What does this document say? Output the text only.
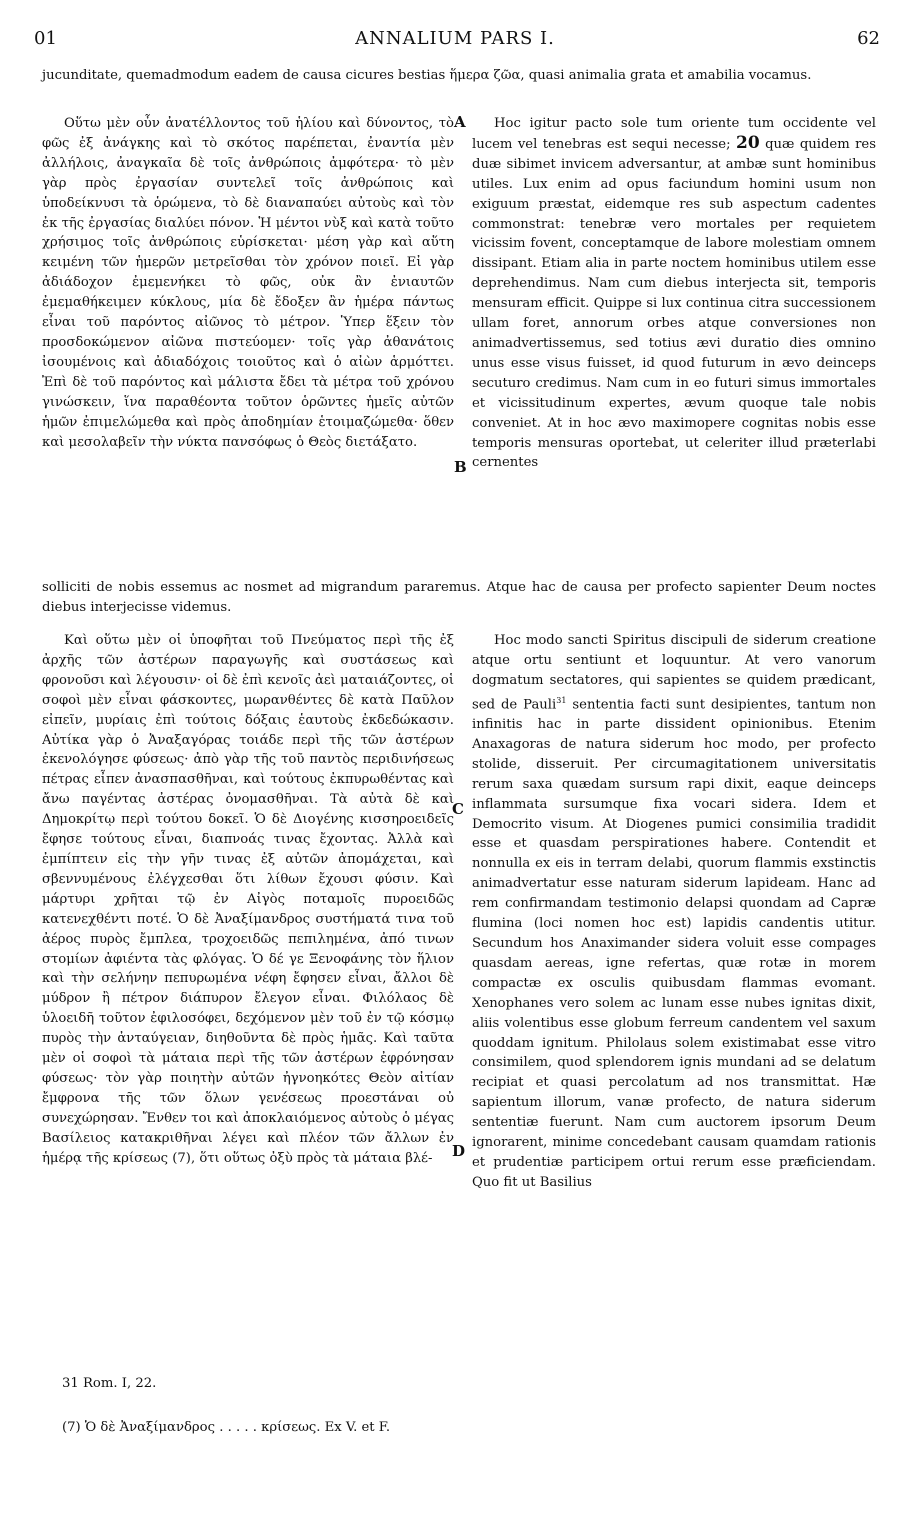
01	ANNALIUM PARS I.	62

jucunditate, quemadmodum eadem de causa cicures bestias ἥμερα ζῶα, quasi animalia grata et amabilia vocamus.

A
B
C
D

Οὕτω μὲν οὖν ἀνατέλλοντος τοῦ ἡλίου καὶ δύνοντος, τὸ φῶς ἐξ ἀνάγκης καὶ τὸ σκότος παρέπεται, ἐναντία μὲν ἀλλήλοις, ἀναγκαῖα δὲ τοῖς ἀνθρώποις ἀμφότερα· τὸ μὲν γὰρ πρὸς ἐργασίαν συντελεῖ τοῖς ἀνθρώποις καὶ ὑποδείκνυσι τὰ ὁρώμενα, τὸ δὲ διαναπαύει αὐτοὺς καὶ τὸν ἐκ τῆς ἐργασίας διαλύει πόνον. Ἡ μέντοι νὺξ καὶ κατὰ τοῦτο χρήσιμος τοῖς ἀνθρώποις εὑρίσκεται· μέση γὰρ καὶ αὕτη κειμένη τῶν ἡμερῶν μετρεῖσθαι τὸν χρόνον ποιεῖ. Εἰ γὰρ ἀδιάδοχον ἐμεμενήκει τὸ φῶς, οὐκ ἂν ἐνιαυτῶν ἐμεμαθήκειμεν κύκλους, μία δὲ ἔδοξεν ἂν ἡμέρα πάντως εἶναι τοῦ παρόντος αἰῶνος τὸ μέτρον. Ὑπερ ἕξειν τὸν προσδοκώμενον αἰῶνα πιστεύομεν· τοῖς γὰρ ἀθανάτοις ἰσουμένοις καὶ ἀδιαδόχοις τοιοῦτος καὶ ὁ αἰὼν ἁρμόττει. Ἐπὶ δὲ τοῦ παρόντος καὶ μάλιστα ἔδει τὰ μέτρα τοῦ χρόνου γινώσκειν, ἵνα παραθέοντα τοῦτον ὁρῶντες ἡμεῖς αὐτῶν ἡμῶν ἐπιμελώμεθα καὶ πρὸς ἀποδημίαν ἑτοιμαζώμεθα· ὅθεν καὶ μεσολαβεῖν τὴν νύκτα πανσόφως ὁ Θεὸς διετάξατο.

Hoc igitur pacto sole tum oriente tum occidente vel lucem vel tenebras est sequi necesse; 20 quæ quidem res duæ sibimet invicem adversantur, at ambæ sunt hominibus utiles. Lux enim ad opus faciundum homini usum non exiguum præstat, eidemque res sub aspectum cadentes commonstrat: tenebræ vero mortales per requietem vicissim fovent, conceptamque de labore molestiam omnem dissipant. Etiam alia in parte noctem hominibus utilem esse deprehendimus. Nam cum diebus interjecta sit, temporis mensuram efficit. Quippe si lux continua citra successionem ullam foret, annorum orbes atque conversiones non animadvertissemus, sed totius ævi duratio dies omnino unus esse visus fuisset, id quod futurum in ævo deinceps secuturo credimus. Nam cum in eo futuri simus immortales et vicissitudinum expertes, ævum quoque tale nobis conveniet. At in hoc ævo maximopere cognitas nobis esse temporis mensuras oportebat, ut celeriter illud præterlabi cernentes

solliciti de nobis essemus ac nosmet ad migrandum pararemus. Atque hac de causa per profecto sapienter Deum noctes diebus interjecisse videmus.

Καὶ οὕτω μὲν οἱ ὑποφῆται τοῦ Πνεύματος περὶ τῆς ἐξ ἀρχῆς τῶν ἀστέρων παραγωγῆς καὶ συστάσεως καὶ φρονοῦσι καὶ λέγουσιν· οἱ δὲ ἐπὶ κενοῖς ἀεὶ ματαιάζοντες, οἱ σοφοὶ μὲν εἶναι φάσκοντες, μωρανθέντες δὲ κατὰ Παῦλον εἰπεῖν, μυρίαις ἐπὶ τούτοις δόξαις ἑαυτοὺς ἐκδεδώκασιν. Αὐτίκα γὰρ ὁ Ἀναξαγόρας τοιάδε περὶ τῆς τῶν ἀστέρων ἐκενολόγησε φύσεως· ἀπὸ γὰρ τῆς τοῦ παντὸς περιδινήσεως πέτρας εἶπεν ἀνασπασθῆναι, καὶ τούτους ἐκπυρωθέντας καὶ ἄνω παγέντας ἀστέρας ὀνομασθῆναι. Τὰ αὐτὰ δὲ καὶ Δημοκρίτῳ περὶ τούτου δοκεῖ. Ὁ δὲ Διογένης κισσηροειδεῖς ἔφησε τούτους εἶναι, διαπνοάς τινας ἔχοντας. Ἀλλὰ καὶ ἐμπίπτειν εἰς τὴν γῆν τινας ἐξ αὐτῶν ἀπομάχεται, καὶ σβεννυμένους ἐλέγχεσθαι ὅτι λίθων ἔχουσι φύσιν. Καὶ μάρτυρι χρῆται τῷ ἐν Αἰγὸς ποταμοῖς πυροειδῶς κατενεχθέντι ποτέ. Ὁ δὲ Ἀναξίμανδρος συστήματά τινα τοῦ ἀέρος πυρὸς ἔμπλεα, τροχοειδῶς πεπιλημένα, ἀπό τινων στομίων ἀφιέντα τὰς φλόγας. Ὁ δέ γε Ξενοφάνης τὸν ἥλιον καὶ τὴν σελήνην πεπυρωμένα νέφη ἔφησεν εἶναι, ἄλλοι δὲ μύδρον ἢ πέτρον διάπυρον ἔλεγον εἶναι. Φιλόλαος δὲ ὑλοειδῆ τοῦτον ἐφιλοσόφει, δεχόμενον μὲν τοῦ ἐν τῷ κόσμῳ πυρὸς τὴν ἀνταύγειαν, διηθοῦντα δὲ πρὸς ἡμᾶς. Καὶ ταῦτα μὲν οἱ σοφοὶ τὰ μάταια περὶ τῆς τῶν ἀστέρων ἐφρόνησαν φύσεως· τὸν γὰρ ποιητὴν αὐτῶν ἠγνοηκότες Θεὸν αἰτίαν ἔμφρονα τῆς τῶν ὅλων γενέσεως προεστάναι οὐ συνεχώρησαν. Ἔνθεν τοι καὶ ἀποκλαιόμενος αὐτοὺς ὁ μέγας Βασίλειος κατακριθῆναι λέγει καὶ πλέον τῶν ἄλλων ἐν ἡμέρᾳ τῆς κρίσεως (7), ὅτι οὕτως ὀξὺ πρὸς τὰ μάταια βλέ-

Hoc modo sancti Spiritus discipuli de siderum creatione atque ortu sentiunt et loquuntur. At vero vanorum dogmatum sectatores, qui sapientes se quidem prædicant, sed de Pauli$^{31}$ sententia facti sunt desipientes, tantum non infinitis hac in parte dissident opinionibus. Etenim Anaxagoras de natura siderum hoc modo, per profecto stolide, disseruit. Per circumagitationem universitatis rerum saxa quædam sursum rapi dixit, eaque deinceps inflammata sursumque fixa vocari sidera. Idem et Democrito visum. At Diogenes pumici consimilia tradidit esse et quasdam perspirationes habere. Contendit et nonnulla ex eis in terram delabi, quorum flammis exstinctis animadvertatur esse naturam siderum lapideam. Hanc ad rem confirmandam testimonio delapsi quondam ad Capræ flumina (loci nomen hoc est) lapidis candentis utitur. Secundum hos Anaximander sidera voluit esse compages quasdam aereas, igne refertas, quæ rotæ in morem compactæ ex osculis quibusdam flammas evomant. Xenophanes vero solem ac lunam esse nubes ignitas dixit, aliis volentibus esse globum ferreum candentem vel saxum quoddam ignitum. Philolaus solem existimabat esse vitro consimilem, quod splendorem ignis mundani ad se delatum recipiat et quasi percolatum ad nos transmittat. Hæ sapientum illorum, vanæ profecto, de natura siderum sententiæ fuerunt. Nam cum auctorem ipsorum Deum ignorarent, minime concedebant causam quamdam rationis et prudentiæ participem ortui rerum esse præficiendam. Quo fit ut Basilius

31 Rom. I, 22.
(7) Ὁ δὲ Ἀναξίμανδρος . . . . . κρίσεως. Ex V. et F.
